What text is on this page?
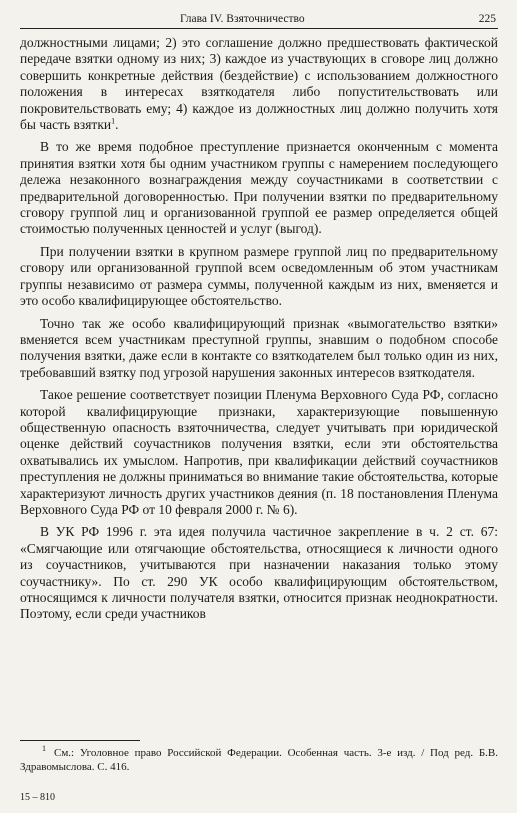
Глава IV. Взяточничество	225

должностными лицами; 2) это соглашение должно предшествовать фактической передаче взятки одному из них; 3) каждое из участвующих в сговоре лиц должно совершить конкретные действия (бездействие) с использованием должностного положения в интересах взяткодателя либо попустительствовать или покровительствовать ему; 4) каждое из должностных лиц должно получить хотя бы часть взятки$^1$.

В то же время подобное преступление признается оконченным с момента принятия взятки хотя бы одним участником группы с намерением последующего дележа незаконного вознаграждения между соучастниками в соответствии с предварительной договоренностью. При получении взятки по предварительному сговору группой лиц и организованной группой ее размер определяется общей стоимостью полученных ценностей и услуг (выгод).

При получении взятки в крупном размере группой лиц по предварительному сговору или организованной группой всем осведомленным об этом участникам группы независимо от размера суммы, полученной каждым из них, вменяется и это особо квалифицирующее обстоятельство.

Точно так же особо квалифицирующий признак «вымогательство взятки» вменяется всем участникам преступной группы, знавшим о подобном способе получения взятки, даже если в контакте со взяткодателем был только один из них, требовавший взятку под угрозой нарушения законных интересов взяткодателя.

Такое решение соответствует позиции Пленума Верховного Суда РФ, согласно которой квалифицирующие признаки, характеризующие повышенную общественную опасность взяточничества, следует учитывать при юридической оценке действий соучастников получения взятки, если эти обстоятельства охватывались их умыслом. Напротив, при квалификации действий соучастников преступления не должны приниматься во внимание такие обстоятельства, которые характеризуют личность других участников деяния (п. 18 постановления Пленума Верховного Суда РФ от 10 февраля 2000 г. № 6).

В УК РФ 1996 г. эта идея получила частичное закрепление в ч. 2 ст. 67: «Смягчающие или отягчающие обстоятельства, относящиеся к личности одного из соучастников, учитываются при назначении наказания только этому соучастнику». По ст. 290 УК особо квалифицирующим обстоятельством, относящимся к личности получателя взятки, относится признак неоднократности. Поэтому, если среди участников

$^1$ См.: Уголовное право Российской Федерации. Особенная часть. 3-е изд. / Под ред. Б.В. Здравомыслова. С. 416.
15 – 810
